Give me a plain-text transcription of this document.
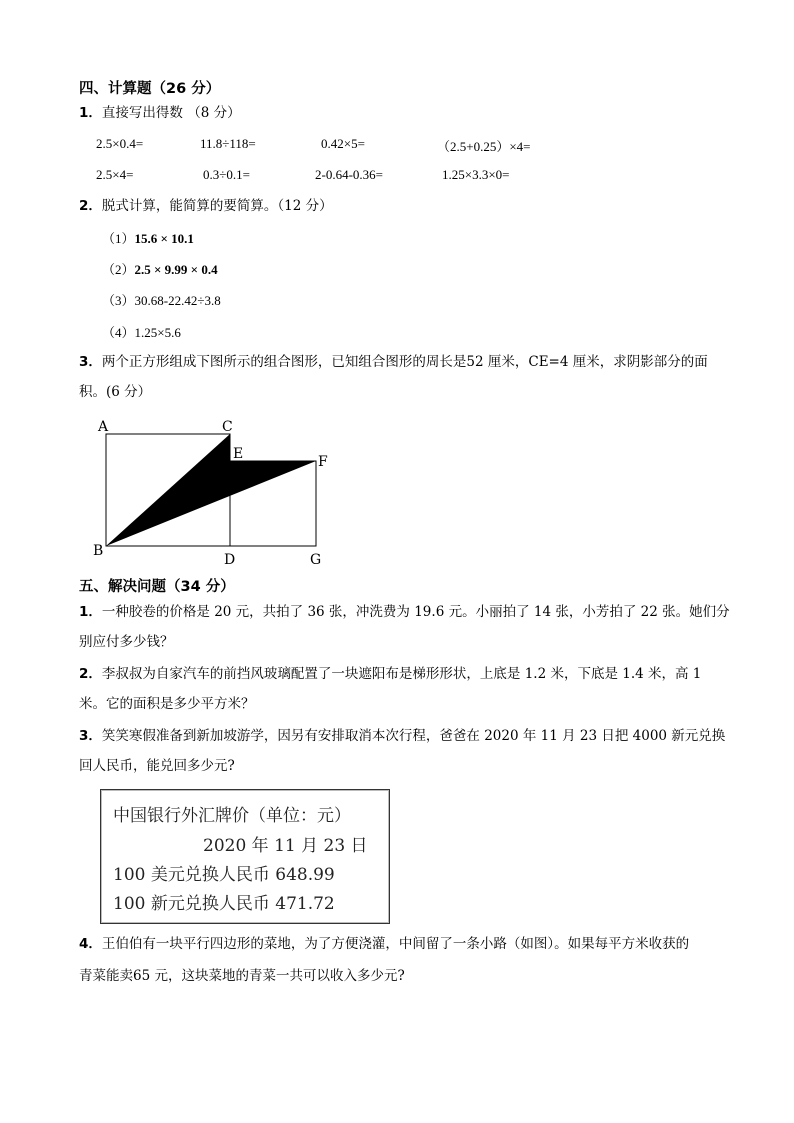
四、计算题（26 分）
1．直接写出得数 （8 分）
2.5×0.4=	11.8÷118=	0.42×5=	（2.5+0.25）×4=
2.5×4=	0.3÷0.1=	2-0.64-0.36=	1.25×3.3×0=
2．脱式计算，能简算的要简算。（12 分）
（1）15.6 × 10.1
（2）2.5 × 9.99 × 0.4
（3）30.68-22.42÷3.8
（4）1.25×5.6
3．两个正方形组成下图所示的组合图形，已知组合图形的周长是52 厘米，CE=4 厘米，求阴影部分的面
积。(6 分）
A	C
E	F
B
D	G
五、解决问题（34 分）
1．一种胶卷的价格是 20 元，共拍了 36 张，冲洗费为 19.6 元。小丽拍了 14 张，小芳拍了 22 张。她们分
别应付多少钱？
2．李叔叔为自家汽车的前挡风玻璃配置了一块遮阳布是梯形形状，上底是 1.2 米，下底是 1.4 米，高 1
米。它的面积是多少平方米？
3．笑笑寒假准备到新加坡游学，因另有安排取消本次行程，爸爸在 2020 年 11 月 23 日把 4000 新元兑换
回人民币，能兑回多少元?
中国银行外汇牌价（单位：元）
2020 年 11 月 23 日
100 美元兑换人民币 648.99
100 新元兑换人民币 471.72
4．王伯伯有一块平行四边形的菜地，为了方便浇灌，中间留了一条小路（如图）。如果每平方米收获的
青菜能卖65 元，这块菜地的青菜一共可以收入多少元?
